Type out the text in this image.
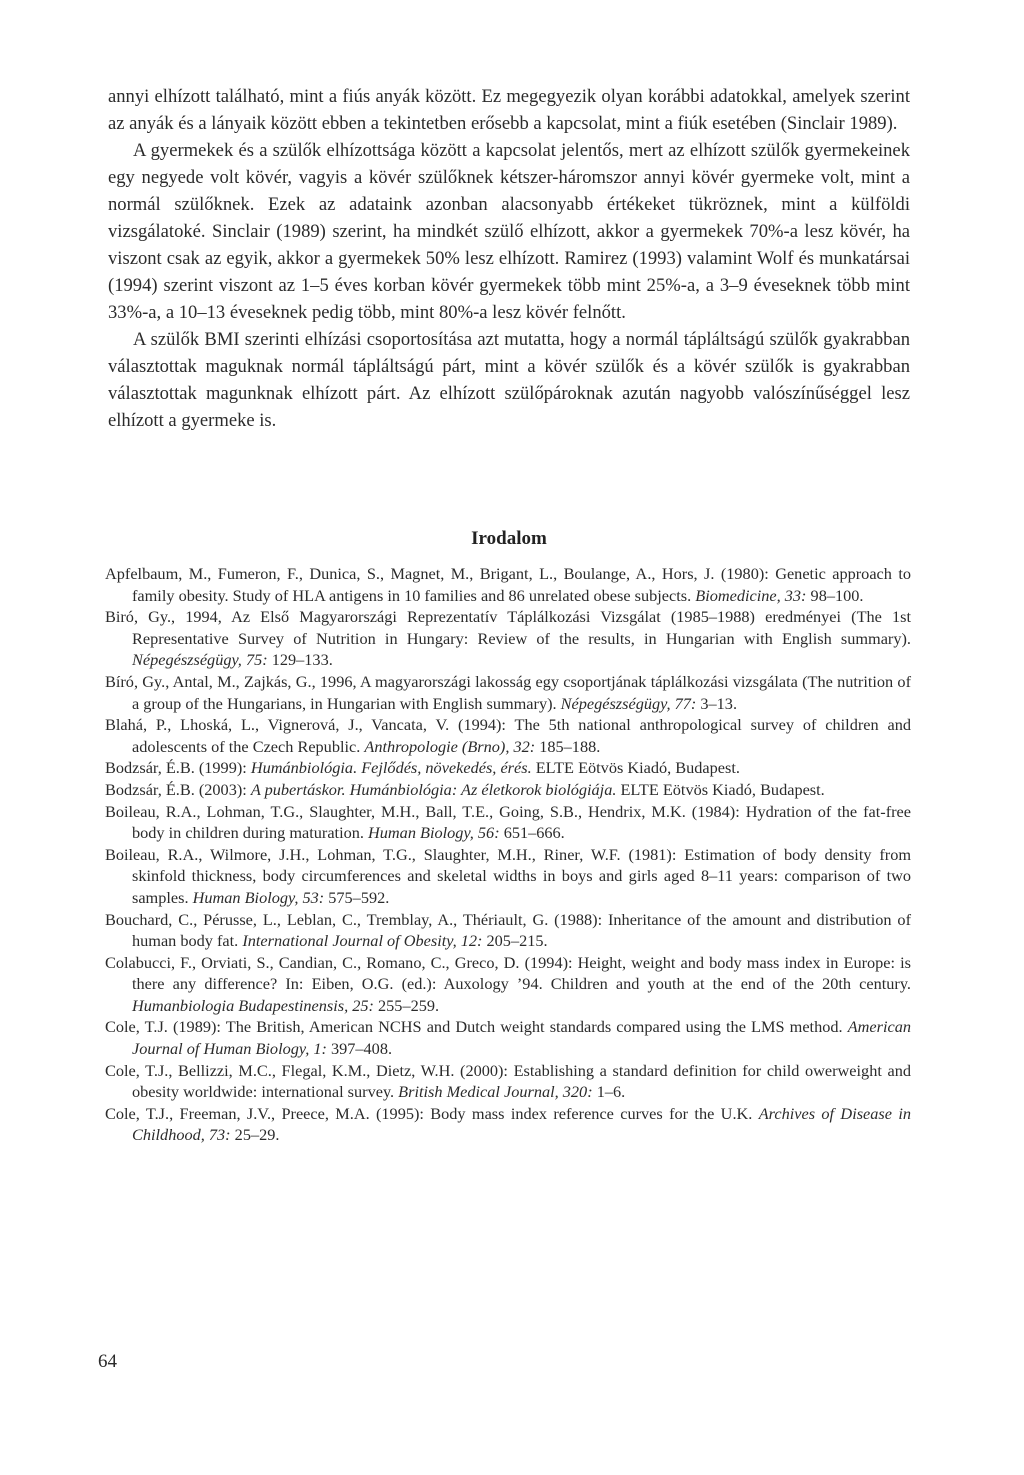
annyi elhízott található, mint a fiús anyák között. Ez megegyezik olyan korábbi adatokkal, amelyek szerint az anyák és a lányaik között ebben a tekintetben erősebb a kapcsolat, mint a fiúk esetében (Sinclair 1989).

A gyermekek és a szülők elhízottsága között a kapcsolat jelentős, mert az elhízott szülők gyermekeinek egy negyede volt kövér, vagyis a kövér szülőknek kétszer-háromszor annyi kövér gyermeke volt, mint a normál szülőknek. Ezek az adataink azonban alacsonyabb értékeket tükröznek, mint a külföldi vizsgálatoké. Sinclair (1989) szerint, ha mindkét szülő elhízott, akkor a gyermekek 70%-a lesz kövér, ha viszont csak az egyik, akkor a gyermekek 50% lesz elhízott. Ramirez (1993) valamint Wolf és munkatársai (1994) szerint viszont az 1–5 éves korban kövér gyermekek több mint 25%-a, a 3–9 éveseknek több mint 33%-a, a 10–13 éveseknek pedig több, mint 80%-a lesz kövér felnőtt.

A szülők BMI szerinti elhízási csoportosítása azt mutatta, hogy a normál tápláltságú szülők gyakrabban választottak maguknak normál tápláltságú párt, mint a kövér szülők és a kövér szülők is gyakrabban választottak magunknak elhízott párt. Az elhízott szülőpároknak azután nagyobb valószínűséggel lesz elhízott a gyermeke is.

Irodalom

Apfelbaum, M., Fumeron, F., Dunica, S., Magnet, M., Brigant, L., Boulange, A., Hors, J. (1980): Genetic approach to family obesity. Study of HLA antigens in 10 families and 86 unrelated obese subjects. Biomedicine, 33: 98–100.

Biró, Gy., 1994, Az Első Magyarországi Reprezentatív Táplálkozási Vizsgálat (1985–1988) eredményei (The 1st Representative Survey of Nutrition in Hungary: Review of the results, in Hungarian with English summary). Népegészségügy, 75: 129–133.

Bíró, Gy., Antal, M., Zajkás, G., 1996, A magyarországi lakosság egy csoportjának táplálkozási vizsgálata (The nutrition of a group of the Hungarians, in Hungarian with English summary). Népegészségügy, 77: 3–13.

Blahá, P., Lhoská, L., Vignerová, J., Vancata, V. (1994): The 5th national anthropological survey of children and adolescents of the Czech Republic. Anthropologie (Brno), 32: 185–188.

Bodzsár, É.B. (1999): Humánbiológia. Fejlődés, növekedés, érés. ELTE Eötvös Kiadó, Budapest.

Bodzsár, É.B. (2003): A pubertáskor. Humánbiológia: Az életkorok biológiája. ELTE Eötvös Kiadó, Budapest.

Boileau, R.A., Lohman, T.G., Slaughter, M.H., Ball, T.E., Going, S.B., Hendrix, M.K. (1984): Hydration of the fat-free body in children during maturation. Human Biology, 56: 651–666.

Boileau, R.A., Wilmore, J.H., Lohman, T.G., Slaughter, M.H., Riner, W.F. (1981): Estimation of body density from skinfold thickness, body circumferences and skeletal widths in boys and girls aged 8–11 years: comparison of two samples. Human Biology, 53: 575–592.

Bouchard, C., Pérusse, L., Leblan, C., Tremblay, A., Thériault, G. (1988): Inheritance of the amount and distribution of human body fat. International Journal of Obesity, 12: 205–215.

Colabucci, F., Orviati, S., Candian, C., Romano, C., Greco, D. (1994): Height, weight and body mass index in Europe: is there any difference? In: Eiben, O.G. (ed.): Auxology ’94. Children and youth at the end of the 20th century. Humanbiologia Budapestinensis, 25: 255–259.

Cole, T.J. (1989): The British, American NCHS and Dutch weight standards compared using the LMS method. American Journal of Human Biology, 1: 397–408.

Cole, T.J., Bellizzi, M.C., Flegal, K.M., Dietz, W.H. (2000): Establishing a standard definition for child owerweight and obesity worldwide: international survey. British Medical Journal, 320: 1–6.

Cole, T.J., Freeman, J.V., Preece, M.A. (1995): Body mass index reference curves for the U.K. Archives of Disease in Childhood, 73: 25–29.

64
